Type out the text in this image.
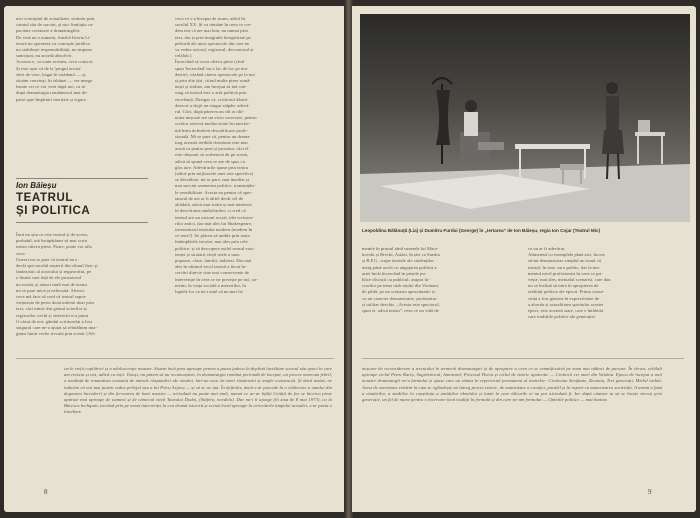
nici conceptul de actualitate, străinăr prin

caintul său de sarcini, și nici limitația ca-

pacitate creatoare a dramaturgilor.

De vină nu e numeni, fiindcă Istoria Li-

terară nu operează cu concepte juridice,

nu stabilește responsabilități, nu impune

sancțiuni, nu acordă absolviri.

Aceasta e, cu toate acestea, ceva concret.

Și este ușor că de la 'progul acesta'

sfert de veac, bogat în strădanii — și,

situăm convinși, în izbânzi — ver merge

însute cei ce vor veni după noi, ca tă

după dramaturgia românească mai de-

parte spre împliniri meritate și sigure.

Ion Băieșu
TEATRUL
ȘI POLITICA

Încă nu știu ce este teatrul și de aceea,

probabil, mă încăpățânez să mai scriu

teatru câteva piese. Poate, poate voi afla

ceva.

Uneori mi se pare că teatrul nu e

decât spectacolul nașterii din chinul fizic și

fantezistic al actorului și regizorului, pe

o limită care față de ele prozotorul

nu există, și atunci mult mai de teatru

mi se pare mică și nelecuită. Alteori,

ceva mă face să cred că teatrul supra-

viețuiește de peste două milenii doar prin

text, căci nimic din geniul actorilor și

regizorilor vechi și străvechi n-a putut

fi văzut de noi: gândul scriitorului a fost

singurul care ne-a ajutat să reîntâlnim ima-

ginea lumii veche trecută prin scenă. (Alt-

ceva ce s-a început de acum, adică în

secolul XX. Și va rămâne în ceea ce cre-

dem noi că are mai bun, nu numai prin

text, dar și prin imaginile înregistrate pe

peliculă ale unor spectacole din care ne

va vedea actorul, regizorul, decoratorul și

celălalt.)

Încercând să scriu câteva piese (cînd

spun 'încercând' nu o fac de loc pe mo-

destie), văzând câteva spectacole pe la noi

și prin alte țări, citind multe piese româ-

nești și străine, am început să mă con-

ving că teatrul este o artă politică prin

excelență. Desigur că, scriitorul dăruit-

deseori a slujit un singur stăpân: adevă-

rul. Căci, după părerea un cât ar obi-

nuita mișcare are un viciu corectare, pentru

scriitor rezervă mediocritate în transfor-

mă întru definitivă descalificare profe-

sională. Mi se pare că, pentru un drama-

turg această teribilă chestiune este mai

acută ca pentru poet și prozator, căci el

este obișnuit să vorbească de pe scenă,

adică să spună ceea ce are de spus cu

glas tare. Adevărurile spuse prin teatru

(adică prin mijloacele unei arte specifice)

se dezvăluie, mi se pare, mai imediat și

mai succint asemenea politice, transmițân-

le sensibilitate. Acesta nu pentru că spec-

tatorul de azi ar fi altfel decât cel de

altădată, adică mai străin și mai interesat

în descifrarea simbolurilor; ci cred că

teatrul are un orizont social, idei scrisoro-

rilor antici, dar mai ales lui Shakespeare,

inventatorul teatrului modern (modern în

ce sens?). Se plăcea să umble prin toate

întâmplările istoriei, mai ales prin cele

politice, și să descopere astfel sensul exis-

tenței și stratarii vieții reale a unor

popoare, clase, familii, indivizi. Dar mai

ales în ultimul secol teatrul a făcut în-

cercări directe cine mai consecvente de

intervenție în ceea ce ne privește pe noi, oa-

menii, în viața socială a meseriilor, în

luptele lor ca nici unul să nu mai fie

ca-le vieții copilăriei și a adolescenței noastre. Sistem încă prea aproape pentru a putea judeca în deplină luciditate scurtul său epoci în care am crescut și noi, adică cu toții. Totuși, nu putem să nu recunoaștem, în dramaturgia română perioadă de început, un proces oarecum febril, o tendință de romantism constant de murale răspunderi ale omului, într-un veac de mari răsturnări și ample construcții. Și dacă astăzi, ne indicăm că noi mai putem vedea prilejul sau a lui Petru Arjocu — și să se ne iau. În definitiv, dacă s-ar purcede la o elaborare a omului din dogoarea încrederii și din fervoarea de lumi noastre — niciodată nu poate mai mult, numai ce ne-ar înfăți Cetății de foc se încerca piese apărute mai aproape de oameni și de cântecul vieții Taurului Dodoi, (Stăferu, novdela). Dar nu-i îi ajunge (în ziua de 8 mai 1973), cu la Băcescu închipuit, trecând prin pe urma intervenței la cea dramă istorică și scrisă local aproape în cercetările timpului actualei, s-ar purta o întrebare

8
Leopoldina Bălănuță (Lia) și Dumitru Furdui (George) în „Iertarea” de Ion Băieșu, regia Ion Cojar (Teatrul Mic)

menite în primul rând sunetele lui Maia-

kovski și Brecht, Astăzi, în țări ca Suedia

și R.F.G., trupe teatrale ale studenților

merg până acolo cu angajarea politică a

artei încât încercând în piețele pu-

blice discuții cu publicul, asupra lu-

crurilor pe tema răzb oiului din Vietnam,

de pildă, pe un scenariu aproximativ și

cu un caracter demonstrativ, protestatar

și utilitar deschis. „Acesta este spectacol,

spun ei, adică teatru”, ceea ce nu vidă de

ce nu ar fi adevărat.

Alimentul cu exemplele până aici, încerc

să-mi demonstreaz simplul un ionul că

teatrul, în sine, nu e politic, dar la mo-

mentul nivel profesionist în ceea ce pri-

vește, mai ales, mentalul scenarist, care dau

nu se înclină să intre în apropierea de

realități politice ale epocii. Prima conse-

cință a fost găsirea în expresivitate de

a aborda și actualitatea spiritului acestei

epoci, este această stare, care e întâlnită

care tradițiile politice ale generației

mișcare de reconsiderare a trecutului în termenii dramaturgici și de apropiere a ceea ce se semnificativă pe zona mai adânci de purtare. În elevat, celălalt aproape ciclul Petru Rareș, Sugrăvitorul, Amotemil, Procesul Horia și ciclul de istorie apoteotic — Croitorii cei mari din Valahia. Epoca de început a noii noastre dramaturgii ne-a formulat și spuse care au rămas în repertoriul permanent al teatrelor: Ciruleanu Strafanie, Zecaniu, Trei generații, Mielul turbat. Acest de asemenea evident în cum se oglindește un întreg proces istoric, de maturizare a creației, paralel și în raport cu maturizarea societății. A urmat o fază a căutărilor, a studiilor în conștiința a unităților idealului și lumii în care tâlcurile ei nu pot niciodată fi. Iar după căutare tu să se învețe treceți prin generație, un fel de nume pentru o încercare încă tradiții în formulă și din care ne-am formulat — Opiniile politice — mai înainte.

9
